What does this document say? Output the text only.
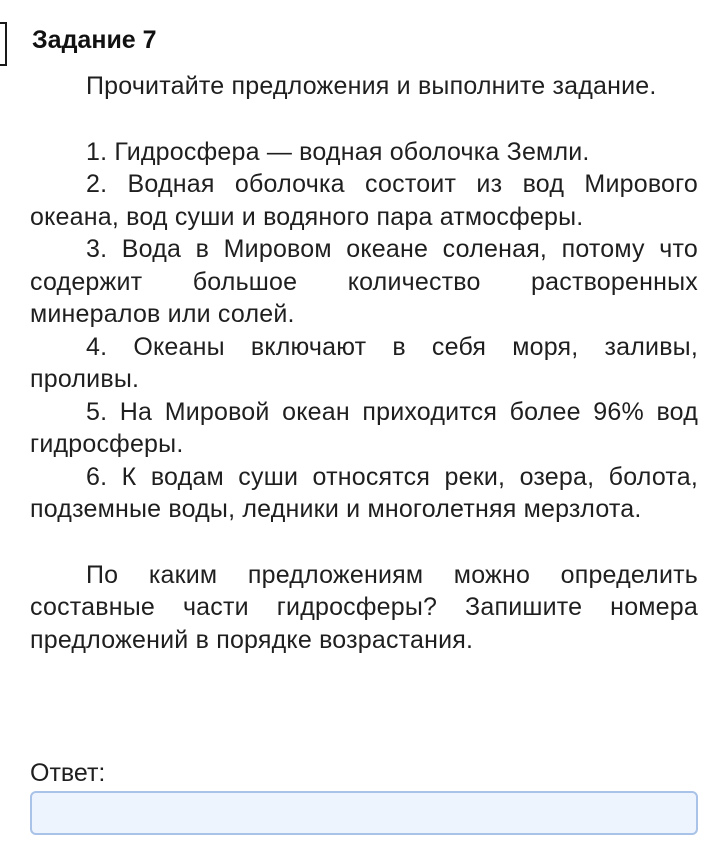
Задание 7

Прочитайте предложения и выполните задание.

1. Гидросфера — водная оболочка Земли.

2. Водная оболочка состоит из вод Мирового океана, вод суши и водяного пара атмосферы.

3. Вода в Мировом океане соленая, потому что содержит большое количество растворенных минералов или солей.

4. Океаны включают в себя моря, заливы, проливы.

5. На Мировой океан приходится более 96% вод гидросферы.

6. К водам суши относятся реки, озера, болота, подземные воды, ледники и многолетняя мерзлота.

По каким предложениям можно определить составные части гидросферы? Запишите номера предложений в порядке возрастания.

Ответ:
